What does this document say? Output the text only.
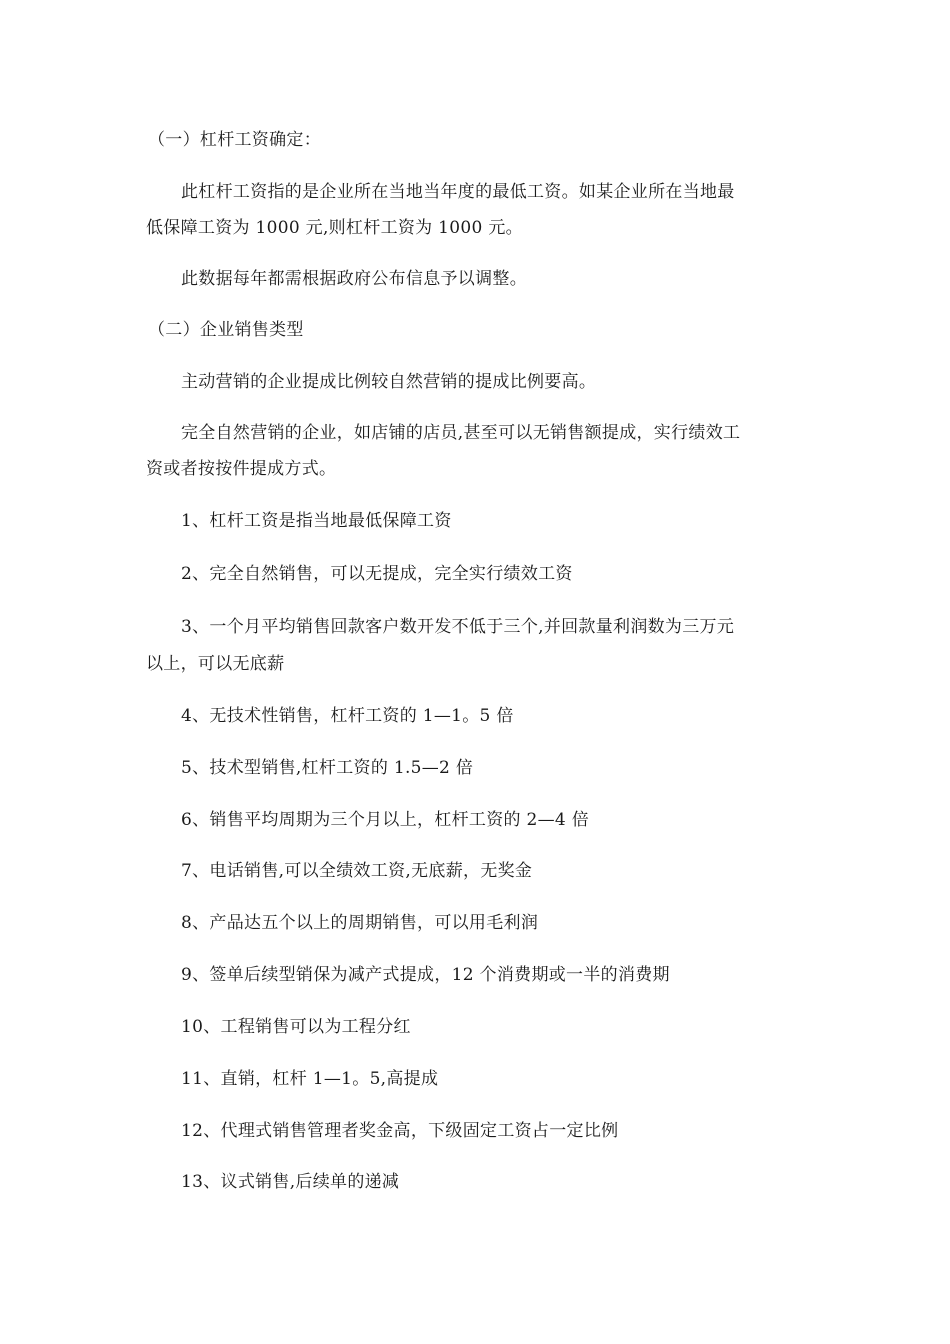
（一）杠杆工资确定：
此杠杆工资指的是企业所在当地当年度的最低工资。如某企业所在当地最
低保障工资为 1000 元,则杠杆工资为 1000 元。
此数据每年都需根据政府公布信息予以调整。
（二）企业销售类型
主动营销的企业提成比例较自然营销的提成比例要高。
完全自然营销的企业，如店铺的店员,甚至可以无销售额提成，实行绩效工
资或者按按件提成方式。
1、杠杆工资是指当地最低保障工资
2、完全自然销售，可以无提成，完全实行绩效工资
3、一个月平均销售回款客户数开发不低于三个,并回款量利润数为三万元
以上，可以无底薪
4、无技术性销售，杠杆工资的 1—1。5 倍
5、技术型销售,杠杆工资的 1.5—2 倍
6、销售平均周期为三个月以上，杠杆工资的 2—4 倍
7、电话销售,可以全绩效工资,无底薪，无奖金
8、产品达五个以上的周期销售，可以用毛利润
9、签单后续型销保为减产式提成，12 个消费期或一半的消费期
10、工程销售可以为工程分红
11、直销，杠杆 1—1。5,高提成
12、代理式销售管理者奖金高，下级固定工资占一定比例
13、议式销售,后续单的递减
